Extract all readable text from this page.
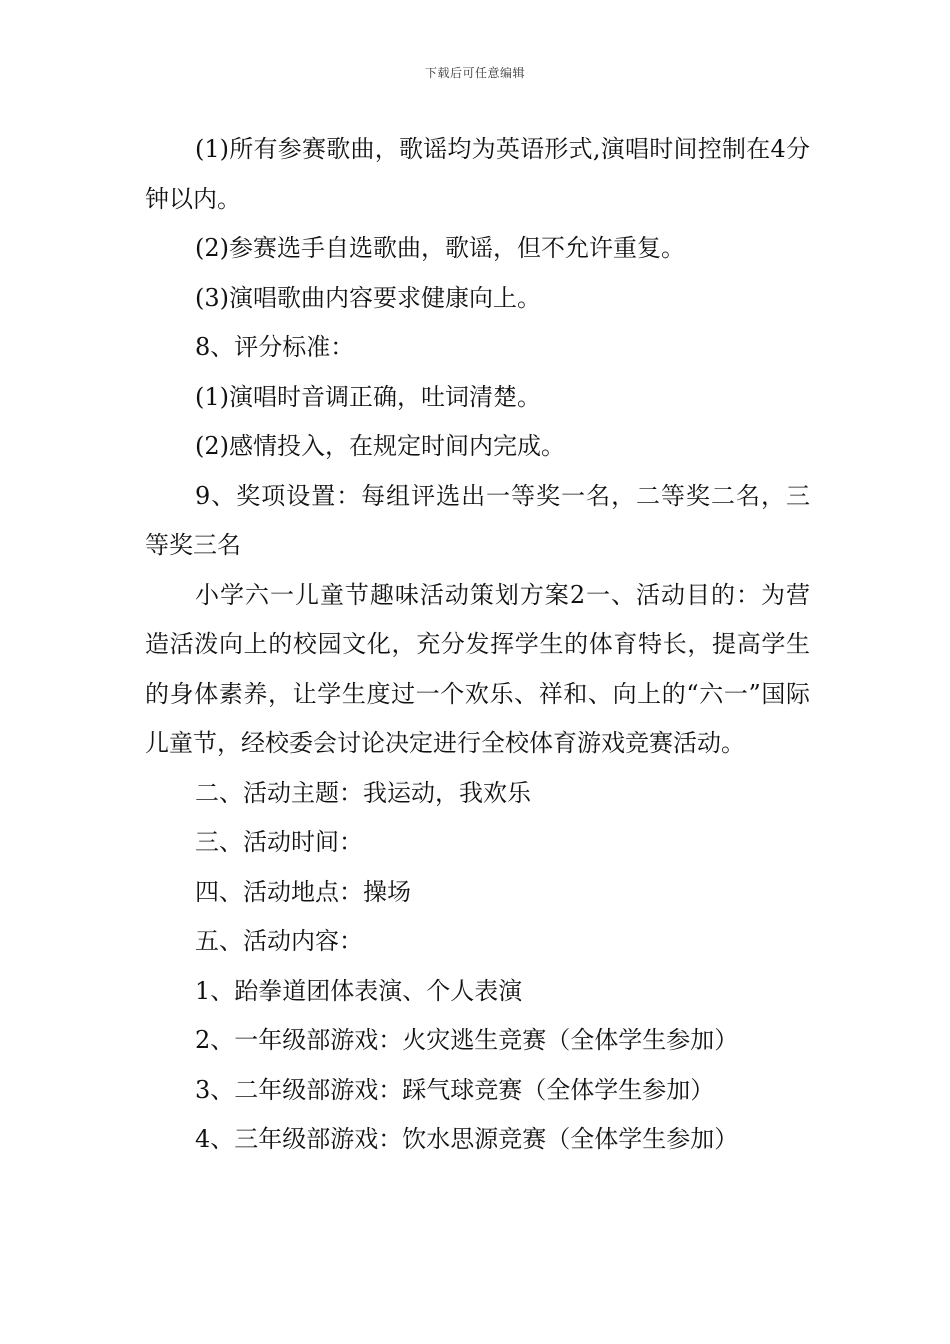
下载后可任意编辑

(1)所有参赛歌曲，歌谣均为英语形式,演唱时间控制在4分钟以内。

(2)参赛选手自选歌曲，歌谣，但不允许重复。

(3)演唱歌曲内容要求健康向上。

8、评分标准：

(1)演唱时音调正确，吐词清楚。

(2)感情投入，在规定时间内完成。

9、奖项设置：每组评选出一等奖一名，二等奖二名，三等奖三名

小学六一儿童节趣味活动策划方案2一、活动目的：为营造活泼向上的校园文化，充分发挥学生的体育特长，提高学生的身体素养，让学生度过一个欢乐、祥和、向上的“六一”国际儿童节，经校委会讨论决定进行全校体育游戏竞赛活动。

二、活动主题：我运动，我欢乐

三、活动时间：

四、活动地点：操场

五、活动内容：

1、跆拳道团体表演、个人表演

2、一年级部游戏：火灾逃生竞赛（全体学生参加）

3、二年级部游戏：踩气球竞赛（全体学生参加）

4、三年级部游戏：饮水思源竞赛（全体学生参加）
